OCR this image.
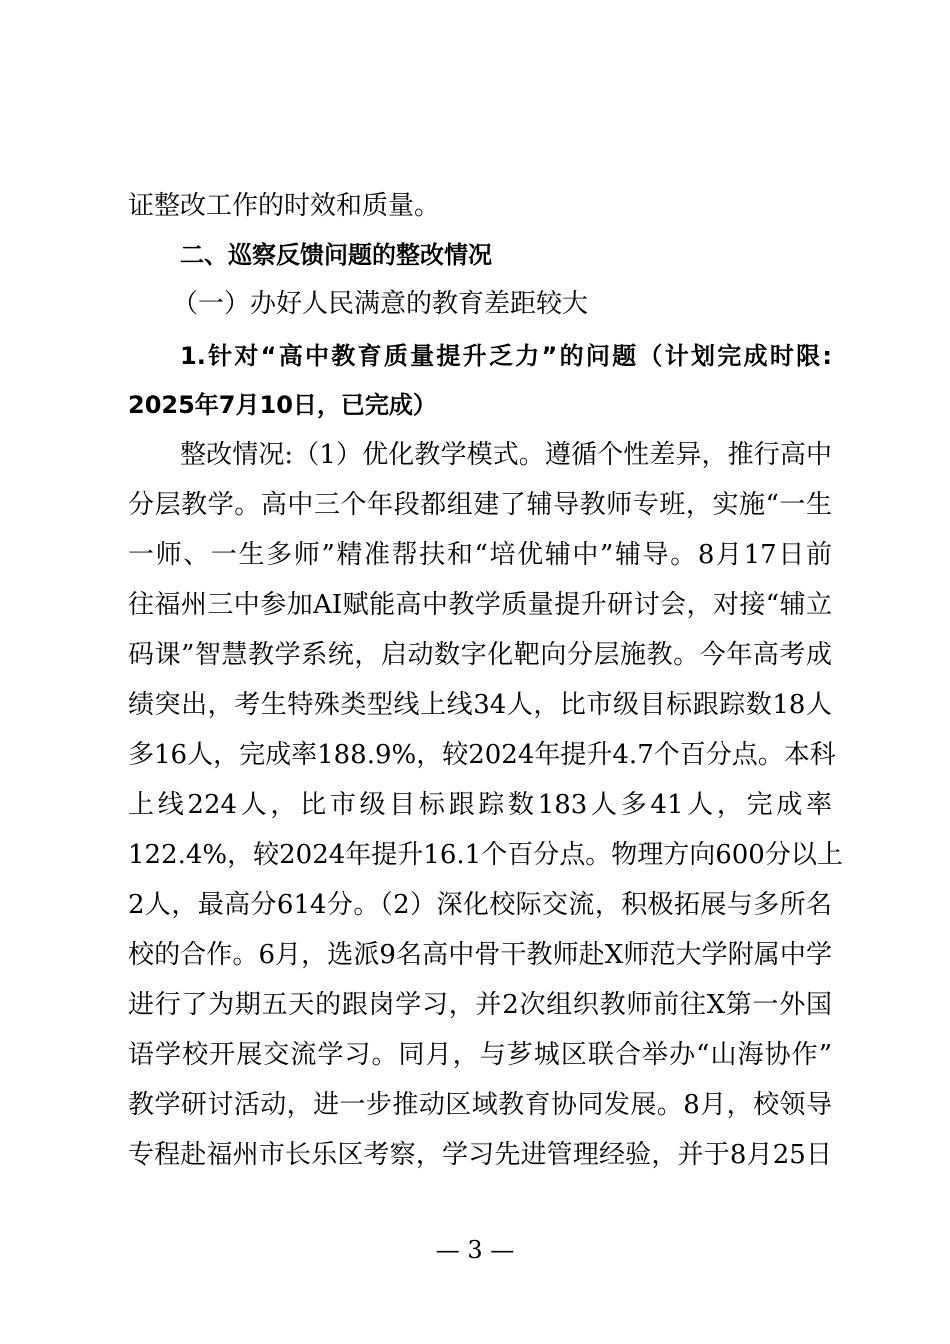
证整改工作的时效和质量。
二、巡察反馈问题的整改情况
（一）办好人民满意的教育差距较大
1.针对“高中教育质量提升乏力”的问题（计划完成时限:
2025年7月10日，已完成）
整改情况:（1）优化教学模式。遵循个性差异，推行高中
分层教学。高中三个年段都组建了辅导教师专班，实施“一生
一师、一生多师”精准帮扶和“培优辅中”辅导。8月17日前
往福州三中参加AI赋能高中教学质量提升研讨会，对接“辅立
码课”智慧教学系统，启动数字化靶向分层施教。今年高考成
绩突出，考生特殊类型线上线34人，比市级目标跟踪数18人
多16人，完成率188.9%，较2024年提升4.7个百分点。本科
上线224人，比市级目标跟踪数183人多41人，完成率
122.4%，较2024年提升16.1个百分点。物理方向600分以上
2人，最高分614分。（2）深化校际交流，积极拓展与多所名
校的合作。6月，选派9名高中骨干教师赴X师范大学附属中学
进行了为期五天的跟岗学习，并2次组织教师前往X第一外国
语学校开展交流学习。同月，与芗城区联合举办“山海协作”
教学研讨活动，进一步推动区域教育协同发展。8月，校领导
专程赴福州市长乐区考察，学习先进管理经验，并于8月25日
— 3 —
